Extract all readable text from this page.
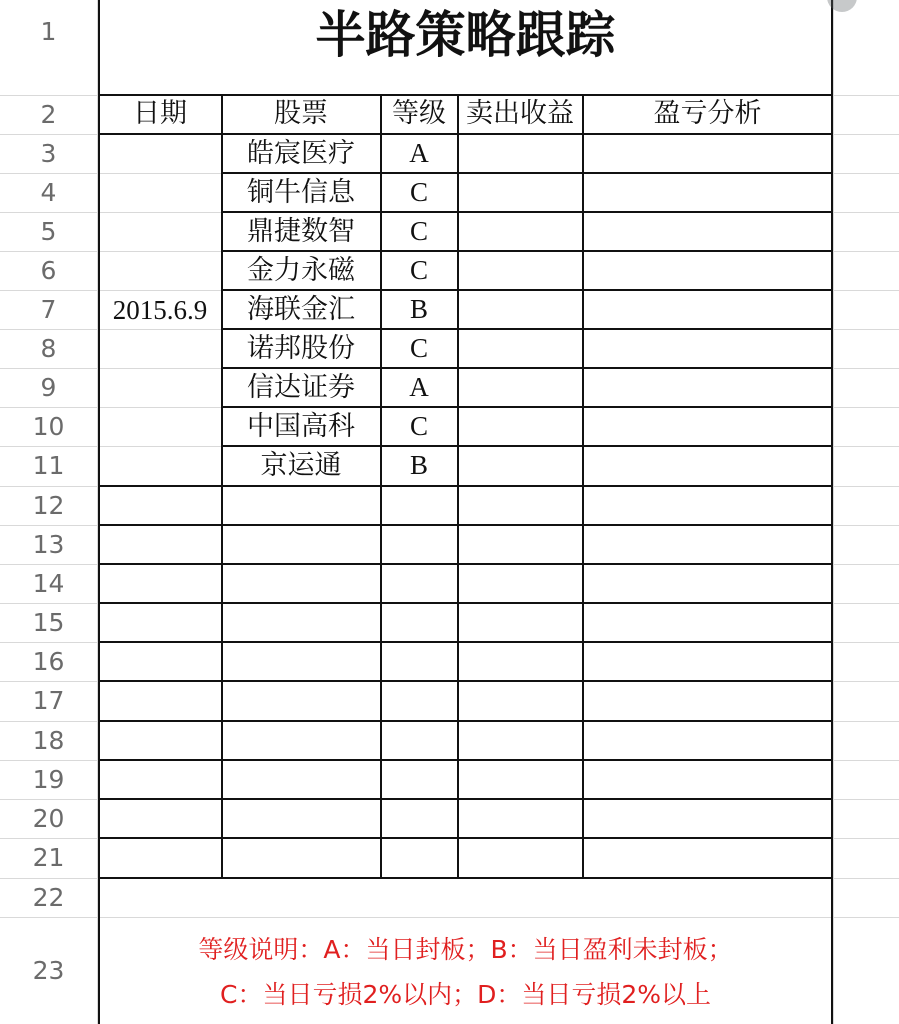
1
2
3
4
5
6
7
8
9
10
11
12
13
14
15
16
17
18
19
20
21
22
23
半路策略跟踪
日期	股票	等级 卖出收益	盈亏分析
2015.6.9
皓宸医疗	A
铜牛信息	C
鼎捷数智	C
金力永磁	C
海联金汇	B
诺邦股份	C
信达证券	A
中国高科	C
京运通	B
等级说明：A：当日封板；B：当日盈利未封板；
C：当日亏损2%以内；D：当日亏损2%以上
